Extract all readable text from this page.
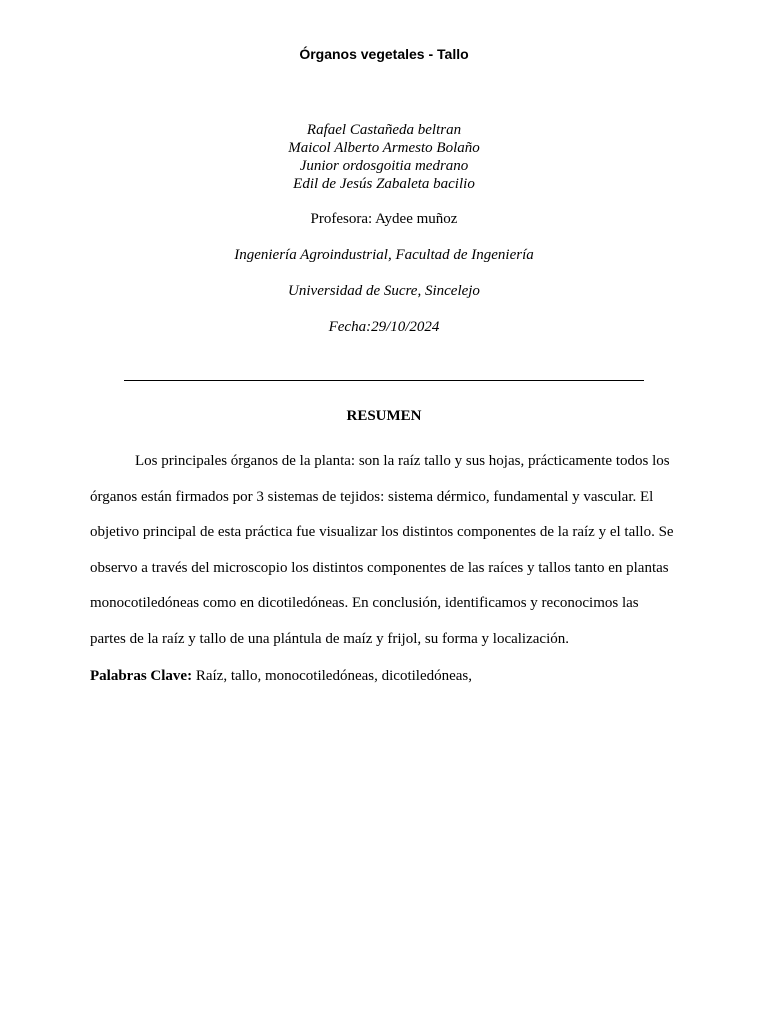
Órganos vegetales - Tallo
Rafael Castañeda beltran
Maicol Alberto Armesto Bolaño
Junior ordosgoitia medrano
Edil de Jesús Zabaleta bacilio
Profesora: Aydee muñoz
Ingeniería Agroindustrial, Facultad de Ingeniería
Universidad de Sucre, Sincelejo
Fecha:29/10/2024
RESUMEN
Los principales órganos de la planta: son la raíz tallo y sus hojas, prácticamente todos los
órganos están firmados por 3 sistemas de tejidos: sistema dérmico, fundamental y vascular. El
objetivo principal de esta práctica fue visualizar los distintos componentes de la raíz y el tallo. Se
observo a través del microscopio los distintos componentes de las raíces y tallos tanto en plantas
monocotiledóneas como en dicotiledóneas. En conclusión, identificamos y reconocimos las
partes de la raíz y tallo de una plántula de maíz y frijol, su forma y localización.
Palabras Clave: Raíz, tallo, monocotiledóneas, dicotiledóneas,
